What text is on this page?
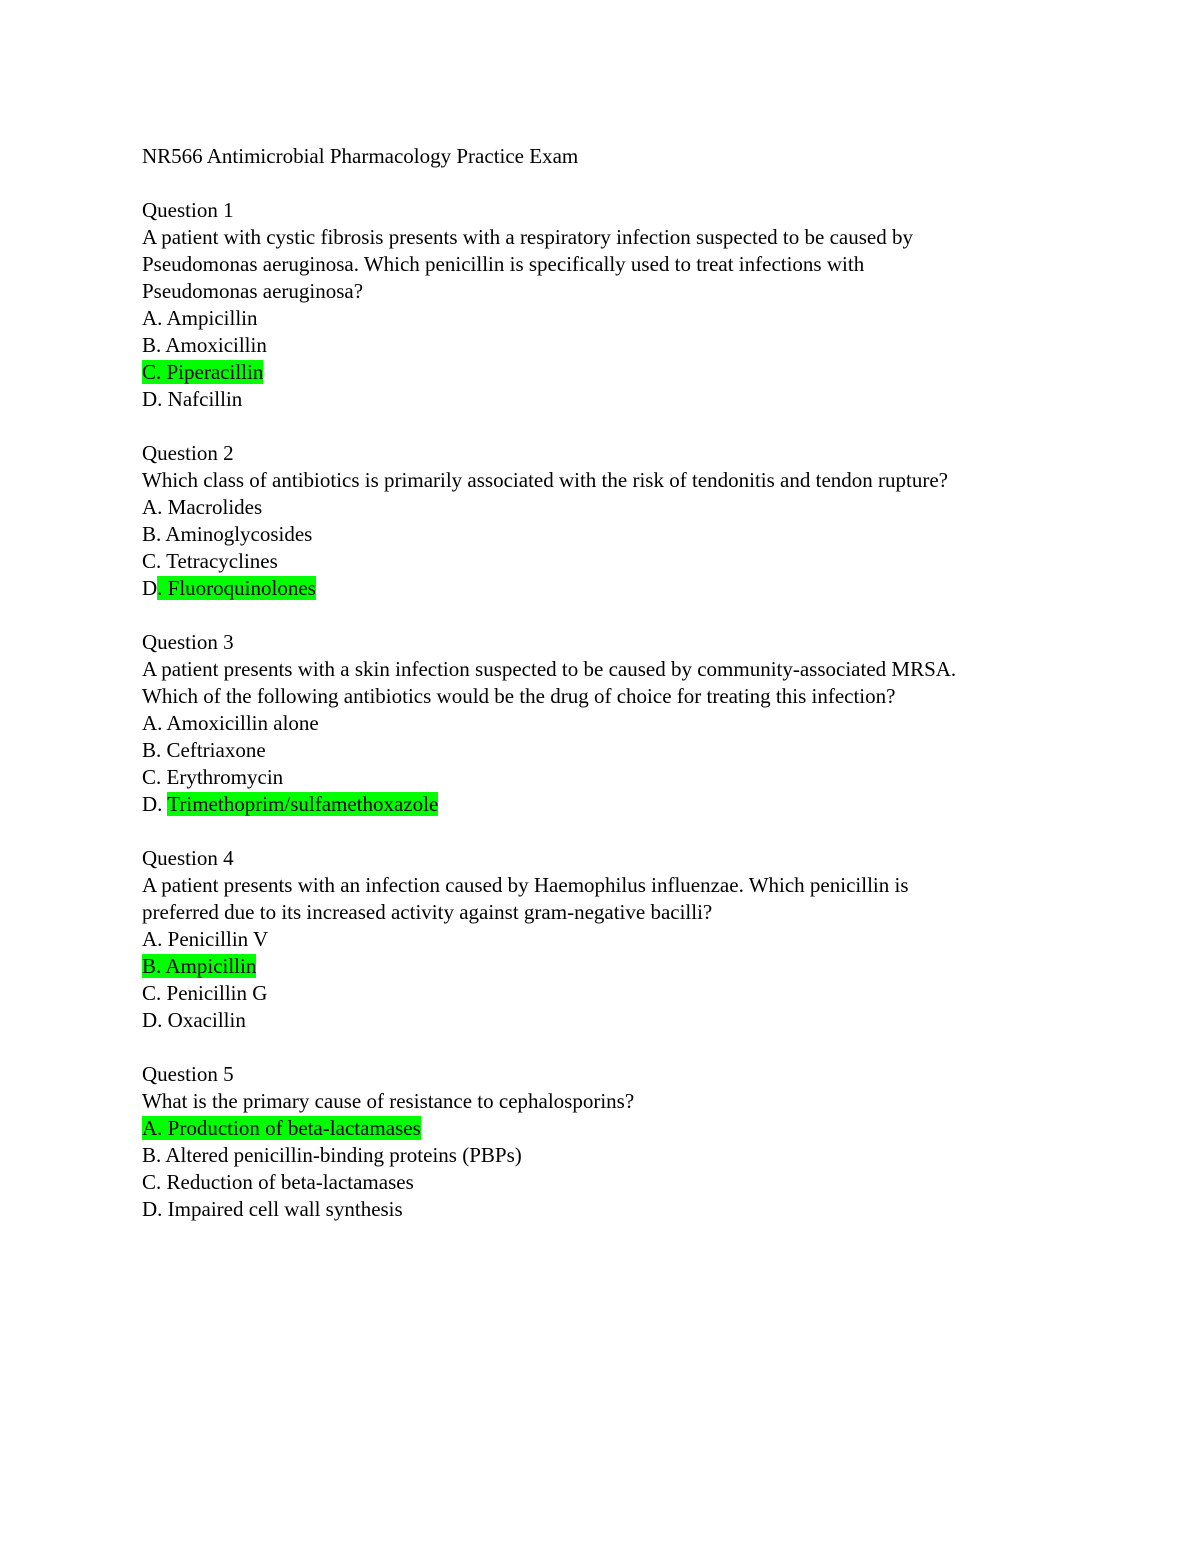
NR566 Antimicrobial Pharmacology Practice Exam
Question 1
A patient with cystic fibrosis presents with a respiratory infection suspected to be caused by
Pseudomonas aeruginosa. Which penicillin is specifically used to treat infections with
Pseudomonas aeruginosa?
A. Ampicillin
B. Amoxicillin
C. Piperacillin
D. Nafcillin
Question 2
Which class of antibiotics is primarily associated with the risk of tendonitis and tendon rupture?
A. Macrolides
B. Aminoglycosides
C. Tetracyclines
D. Fluoroquinolones
Question 3
A patient presents with a skin infection suspected to be caused by community-associated MRSA.
Which of the following antibiotics would be the drug of choice for treating this infection?
A. Amoxicillin alone
B. Ceftriaxone
C. Erythromycin
D. Trimethoprim/sulfamethoxazole
Question 4
A patient presents with an infection caused by Haemophilus influenzae. Which penicillin is
preferred due to its increased activity against gram-negative bacilli?
A. Penicillin V
B. Ampicillin
C. Penicillin G
D. Oxacillin
Question 5
What is the primary cause of resistance to cephalosporins?
A. Production of beta-lactamases
B. Altered penicillin-binding proteins (PBPs)
C. Reduction of beta-lactamases
D. Impaired cell wall synthesis
